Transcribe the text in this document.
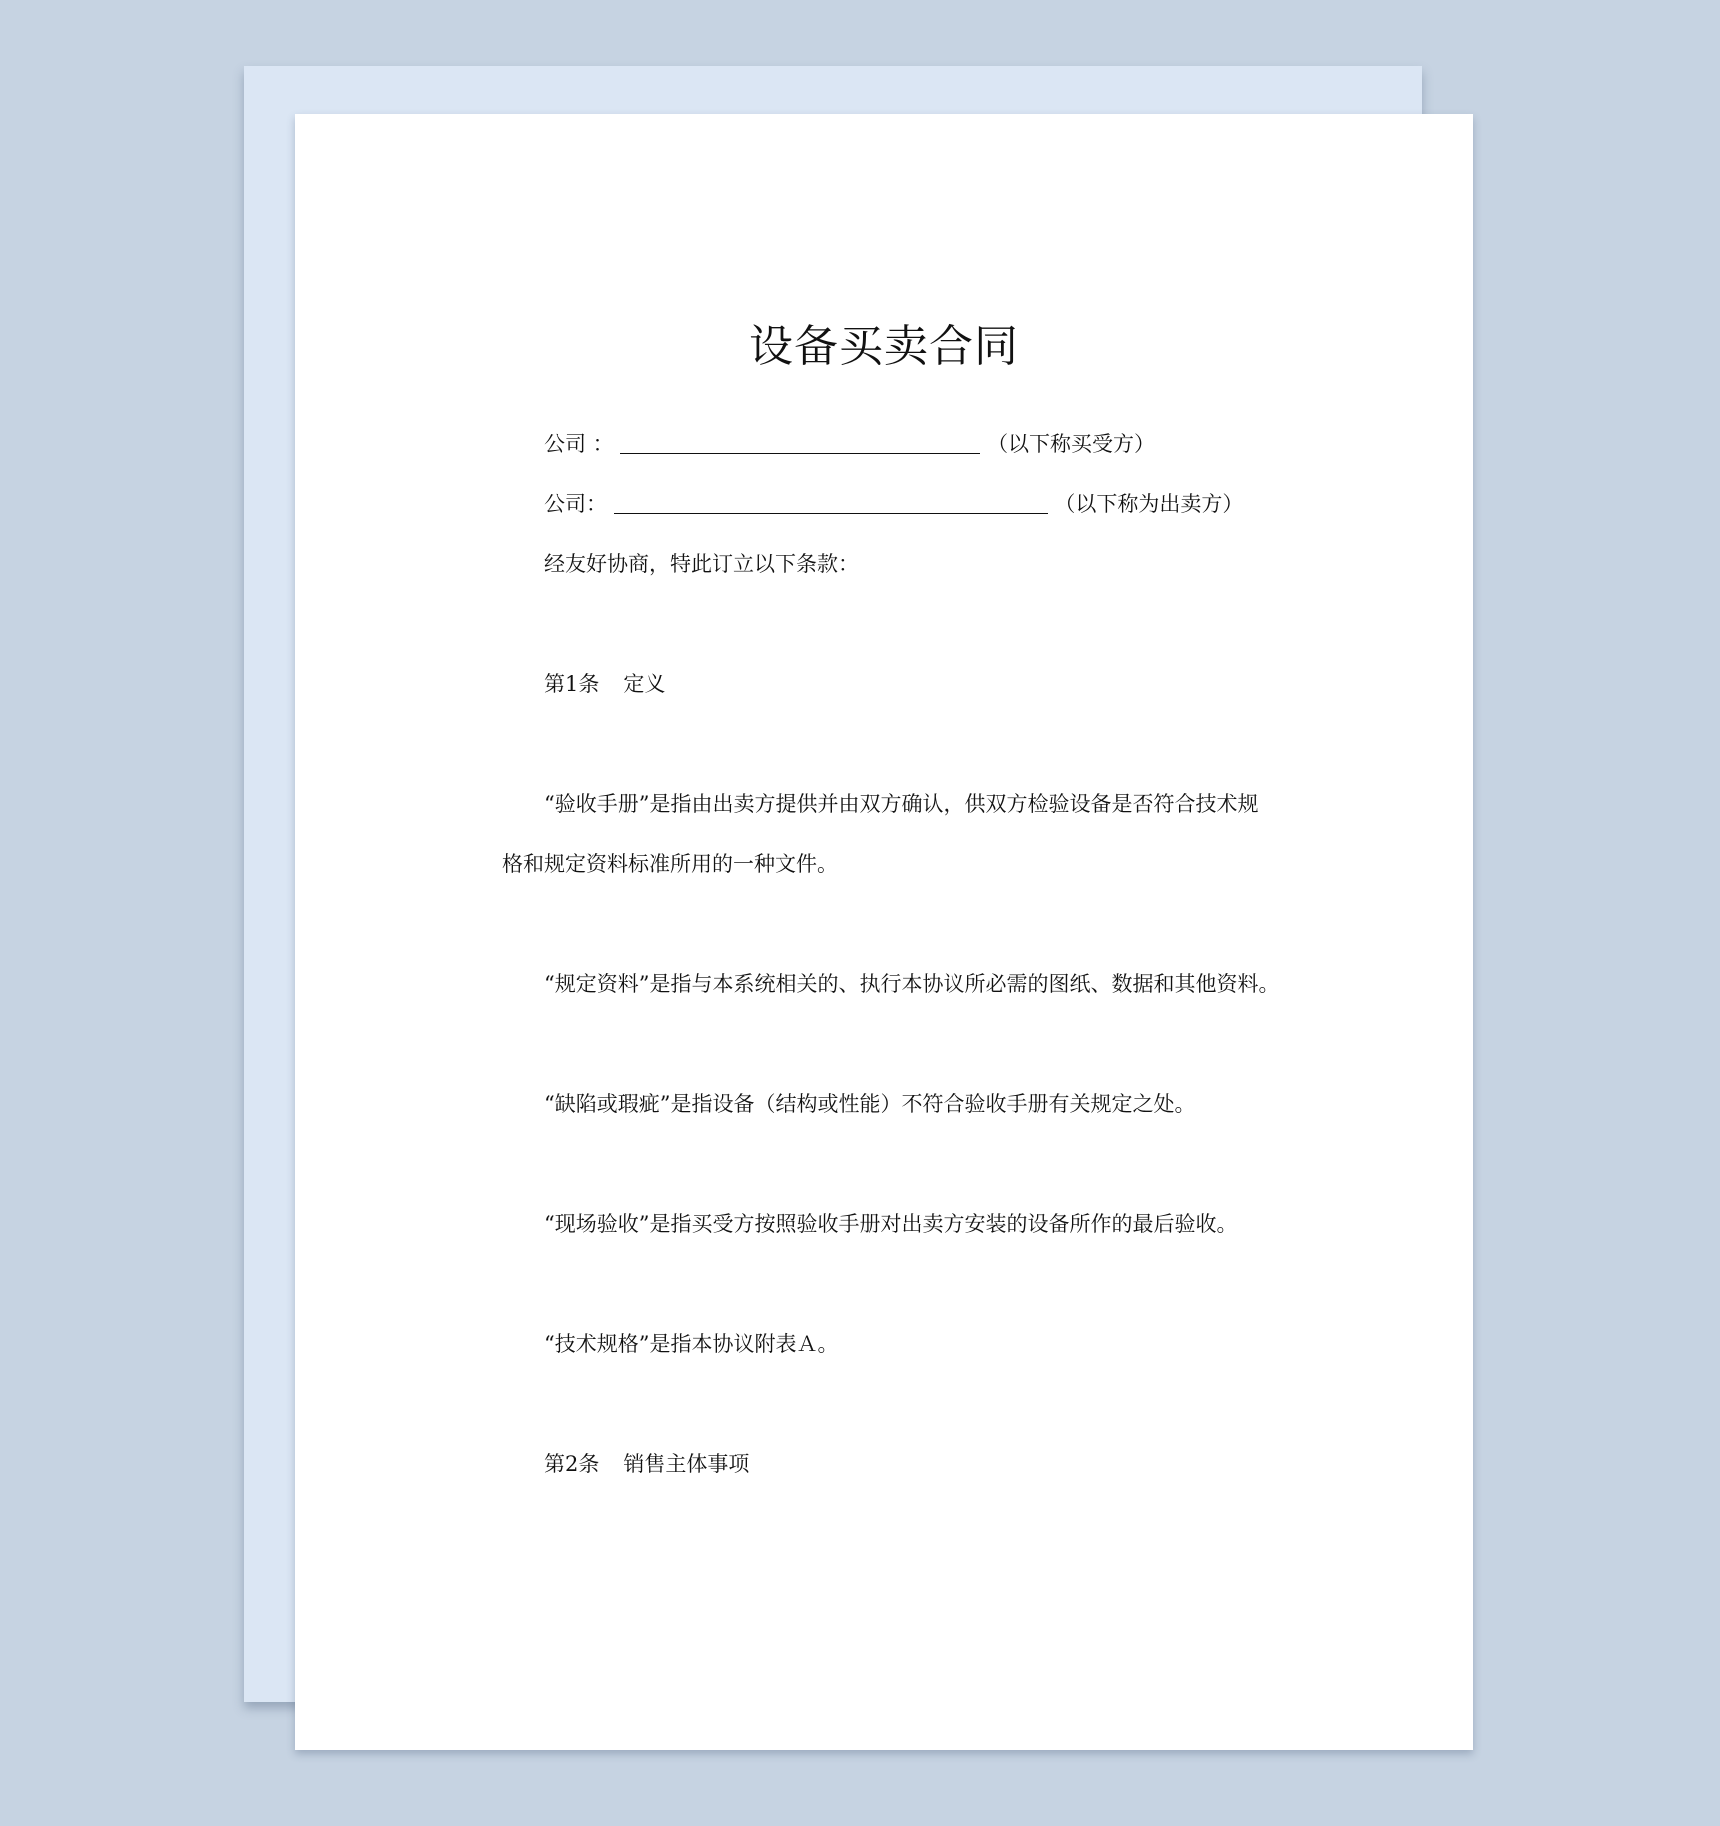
设备买卖合同
公司 ：	（以下称买受方）
公司：	（以下称为出卖方）
经友好协商，特此订立以下条款：
第1条 定义
“验收手册”是指由出卖方提供并由双方确认，供双方检验设备是否符合技术规
格和规定资料标准所用的一种文件。
“规定资料”是指与本系统相关的、执行本协议所必需的图纸、数据和其他资料。
“缺陷或瑕疵”是指设备（结构或性能）不符合验收手册有关规定之处。
“现场验收”是指买受方按照验收手册对出卖方安装的设备所作的最后验收。
“技术规格”是指本协议附表Ａ。
第2条 销售主体事项
